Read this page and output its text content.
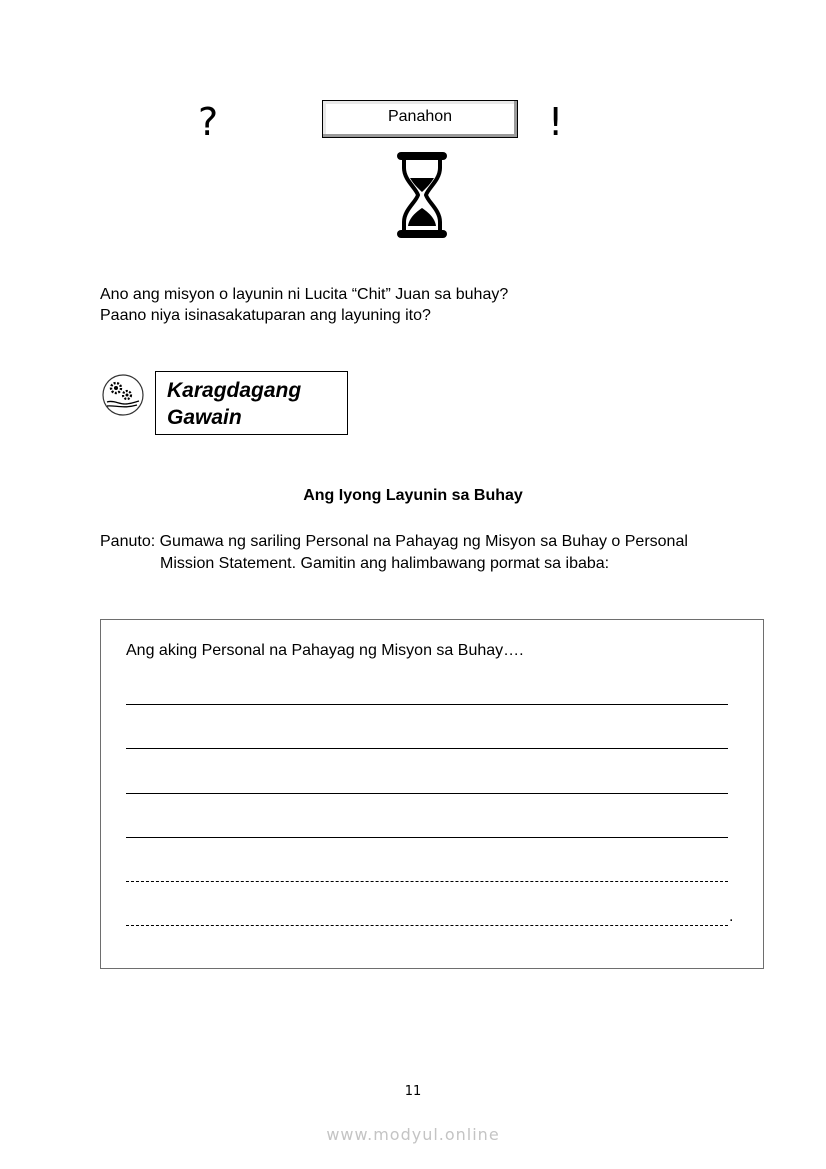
?	Panahon	!
Ano ang misyon o layunin ni Lucita “Chit” Juan sa buhay?
Paano niya isinasakatuparan ang layuning ito?
Karagdagang
Gawain
Ang Iyong Layunin sa Buhay
Panuto: Gumawa ng sariling Personal na Pahayag ng Misyon sa Buhay o Personal
Mission Statement. Gamitin ang halimbawang pormat sa ibaba:
Ang aking Personal na Pahayag ng Misyon sa Buhay….
.
11
www.modyul.online
